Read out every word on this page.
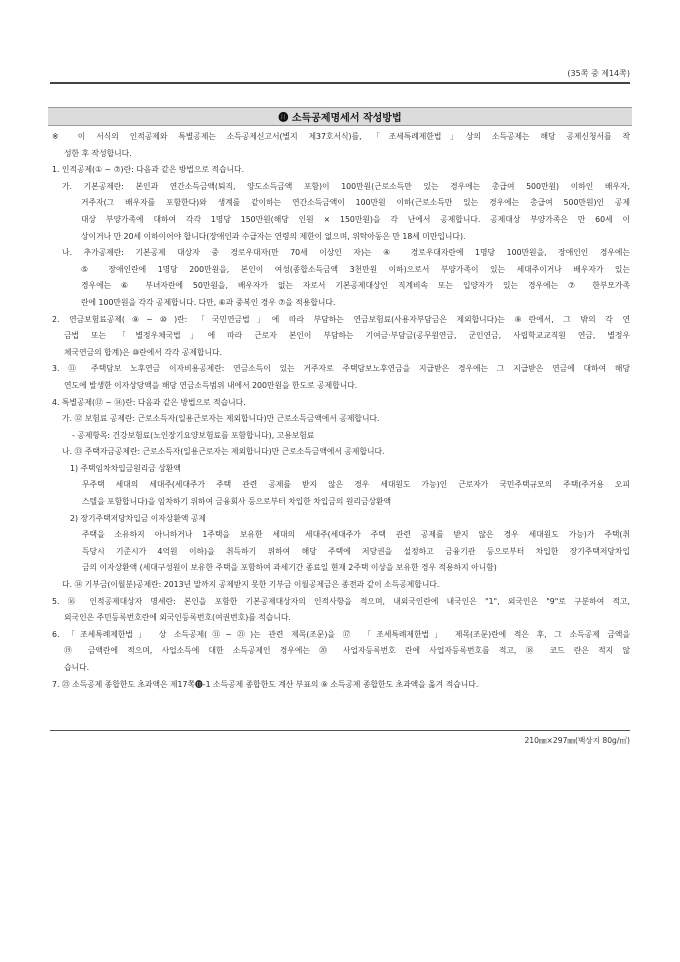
(35쪽 중 제14쪽)
⓫ 소득공제명세서 작성방법
※ 이 서식의 인적공제와 특별공제는 소득공제신고서(별지 제37호서식)를, 「조세특례제한법」상의 소득공제는 해당 공제신청서를 작
성한 후 작성합니다.
1. 인적공제(① ~ ⑦)란: 다음과 같은 방법으로 적습니다.
가. 기본공제란: 본인과 연간소득금액(퇴직, 양도소득금액 포함)이 100만원(근로소득만 있는 경우에는 총급여 500만원) 이하인 배우자,
거주자(그 배우자를 포함한다)와 생계를 같이하는 연간소득금액이 100만원 이하(근로소득만 있는 경우에는 총급여 500만원)인 공제
대상 부양가족에 대하여 각각 1명당 150만원(해당 인원 × 150만원)을 각 난에서 공제합니다. 공제대상 부양가족은 만 60세 이
상이거나 만 20세 이하이어야 합니다(장애인과 수급자는 연령의 제한이 없으며, 위탁아동은 만 18세 미만입니다).
나. 추가공제란: 기본공제 대상자 중 경로우대자(만 70세 이상인 자)는 ④ 경로우대자란에 1명당 100만원을, 장애인인 경우에는
⑤ 장애인란에 1명당 200만원을, 본인이 여성(종합소득금액 3천만원 이하)으로서 부양가족이 있는 세대주이거나 배우자가 있는
경우에는 ⑥ 부녀자란에 50만원을, 배우자가 없는 자로서 기본공제대상인 직계비속 또는 입양자가 있는 경우에는 ⑦ 한부모가족
란에 100만원을 각각 공제합니다. 다만, ⑥과 중복인 경우 ⑦을 적용합니다.
2. 연금보험료공제(⑨~⑩)란: 「국민연금법」에 따라 부담하는 연금보험료(사용자부담금은 제외합니다)는 ⑨란에서, 그 밖의 각 연
금법 또는 「별정우체국법」에 따라 근로자 본인이 부담하는 기여금·부담금(공무원연금, 군인연금, 사립학교교직원 연금, 별정우
체국연금의 합계)은 ⑩란에서 각각 공제합니다.
3. ⑪ 주택담보 노후연금 이자비용공제란: 연금소득이 있는 거주자로 주택담보노후연금을 지급받은 경우에는 그 지급받은 연금에 대하여 해당
연도에 발생한 이자상당액을 해당 연금소득범위 내에서 200만원을 한도로 공제합니다.
4. 특별공제(⑫ ~ ⑭)란: 다음과 같은 방법으로 적습니다.
가. ⑫ 보험료 공제란: 근로소득자(일용근로자는 제외합니다)만 근로소득금액에서 공제합니다.
- 공제항목: 건강보험료(노인장기요양보험료를 포함합니다), 고용보험료
나. ⑬ 주택자금공제란: 근로소득자(일용근로자는 제외합니다)만 근로소득금액에서 공제합니다.
1) 주택임차차입금원리금 상환액
무주택 세대의 세대주(세대주가 주택 관련 공제를 받지 않은 경우 세대원도 가능)인 근로자가 국민주택규모의 주택(주거용 오피
스텔을 포함합니다)을 임차하기 위하여 금융회사 등으로부터 차입한 차입금의 원리금상환액
2) 장기주택저당차입금 이자상환액 공제
주택을 소유하지 아니하거나 1주택을 보유한 세대의 세대주(세대주가 주택 관련 공제를 받지 않은 경우 세대원도 가능)가 주택(취
득당시 기준시가 4억원 이하)을 취득하기 위하여 해당 주택에 저당권을 설정하고 금융기관 등으로부터 차입한 장기주택저당차입
금의 이자상환액 (세대구성원이 보유한 주택을 포함하여 과세기간 종료일 현재 2주택 이상을 보유한 경우 적용하지 아니함)
다. ⑭ 기부금(이월분)공제란: 2013년 말까지 공제받지 못한 기부금 이월공제금은 종전과 같이 소득공제합니다.
5. ⑯ 인적공제대상자 명세란: 본인을 포함한 기본공제대상자의 인적사항을 적으며, 내외국인란에 내국인은 "1", 외국인은 "9"로 구분하여 적고,
외국인은 주민등록번호란에 외국인등록번호(여권번호)를 적습니다.
6. 「조세특례제한법」 상 소득공제(⑪~㉑)는 관련 제목(조문)을 ⑰ 「조세특례제한법」 제목(조문)란에 적은 후, 그 소득공제 금액을
⑲ 금액란에 적으며, 사업소득에 대한 소득공제인 경우에는 ⑳ 사업자등록번호 란에 사업자등록번호를 적고, ⑱ 코드 란은 적지 않
습니다.
7. ㉓ 소득공제 종합한도 초과액은 제17쪽⓫-1 소득공제 종합한도 계산 부표의 ⑨ 소득공제 종합한도 초과액을 옮겨 적습니다.
210㎜×297㎜(백상지 80g/㎡)
